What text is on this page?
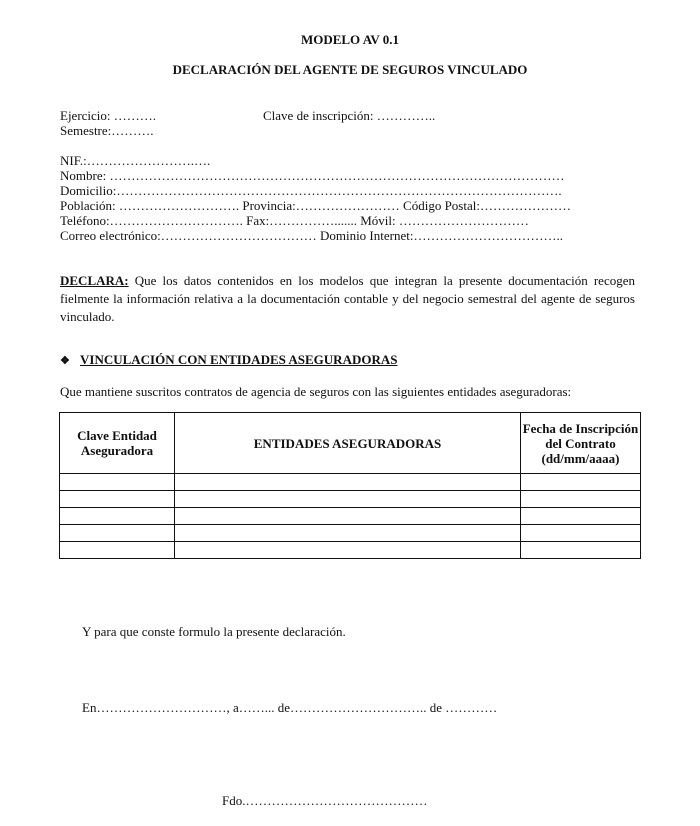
MODELO AV 0.1
DECLARACIÓN DEL AGENTE DE SEGUROS VINCULADO
Ejercicio: ……….	Clave de inscripción: …………..
Semestre:……….
NIF.:…………………….….
Nombre: ……………………………………………………………………………………………
Domicilio:………………………………………………………………………………………….
Población: ………………………. Provincia:…………………… Código Postal:…………………
Teléfono:…………………………. Fax:……………....... Móvil: …………………………
Correo electrónico:……………………………… Dominio Internet:……………………………..
DECLARA: Que los datos contenidos en los modelos que integran la presente documentación recogen fielmente la información relativa a la documentación contable y del negocio semestral del agente de seguros vinculado.
❖ VINCULACIÓN CON ENTIDADES ASEGURADORAS
Que mantiene suscritos contratos de agencia de seguros con las siguientes entidades aseguradoras:
Clave Entidad Aseguradora	ENTIDADES ASEGURADORAS	Fecha de Inscripción del Contrato (dd/mm/aaaa)

Y para que conste formulo la presente declaración.
En…………………………, a……... de………………………….. de …………
Fdo.……………………………………
